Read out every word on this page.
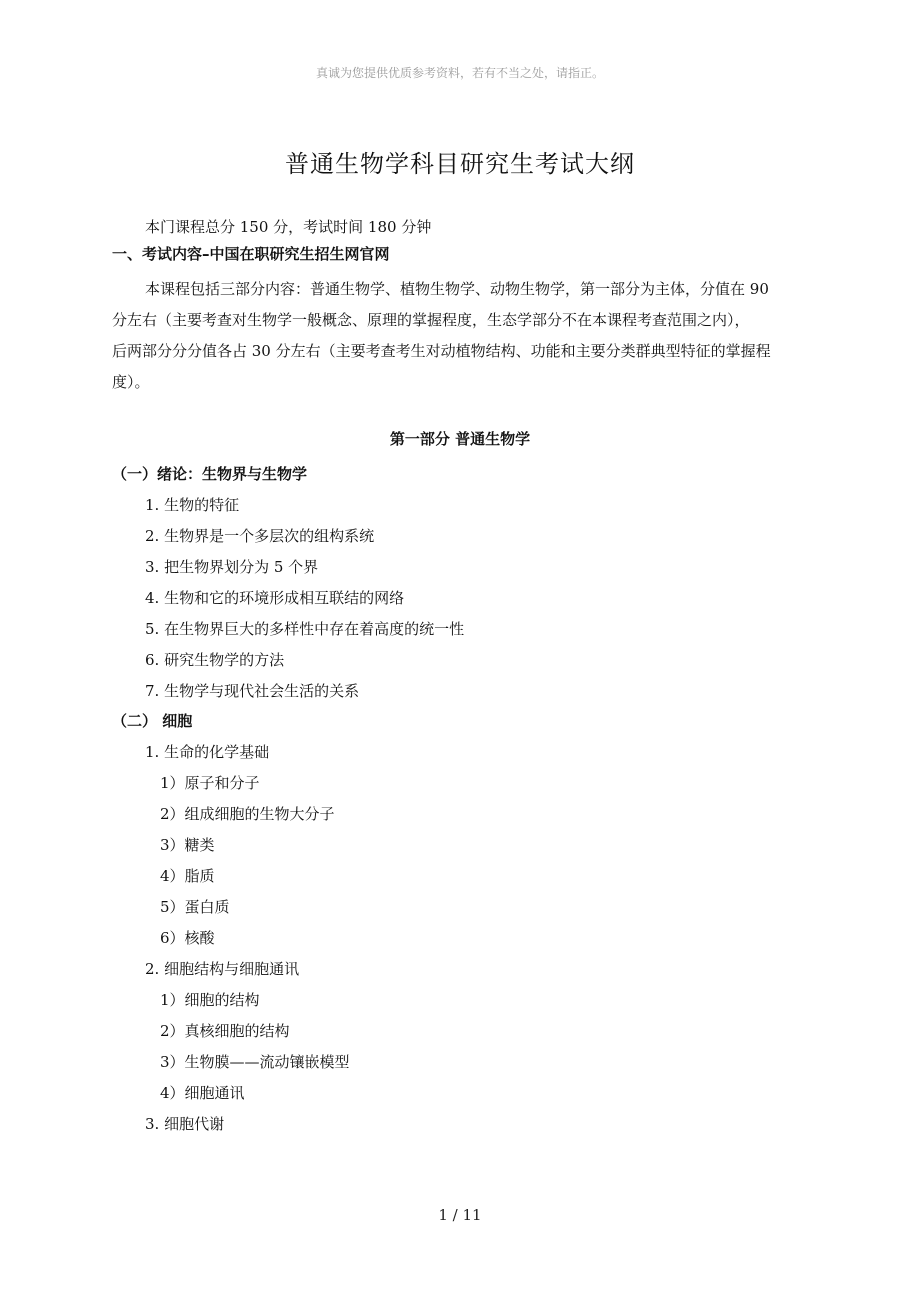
真诚为您提供优质参考资料，若有不当之处，请指正。
普通生物学科目研究生考试大纲
本门课程总分 150 分，考试时间 180 分钟
一、考试内容–中国在职研究生招生网官网
本课程包括三部分内容：普通生物学、植物生物学、动物生物学，第一部分为主体，分值在 90
分左右（主要考查对生物学一般概念、原理的掌握程度，生态学部分不在本课程考查范围之内），
后两部分分分值各占 30 分左右（主要考查考生对动植物结构、功能和主要分类群典型特征的掌握程
度）。
第一部分 普通生物学
（一）绪论：生物界与生物学
1. 生物的特征
2. 生物界是一个多层次的组构系统
3. 把生物界划分为 5 个界
4. 生物和它的环境形成相互联结的网络
5. 在生物界巨大的多样性中存在着高度的统一性
6. 研究生物学的方法
7. 生物学与现代社会生活的关系
（二） 细胞
1. 生命的化学基础
1）原子和分子
2）组成细胞的生物大分子
3）糖类
4）脂质
5）蛋白质
6）核酸
2. 细胞结构与细胞通讯
1）细胞的结构
2）真核细胞的结构
3）生物膜——流动镶嵌模型
4）细胞通讯
3. 细胞代谢
1 / 11
